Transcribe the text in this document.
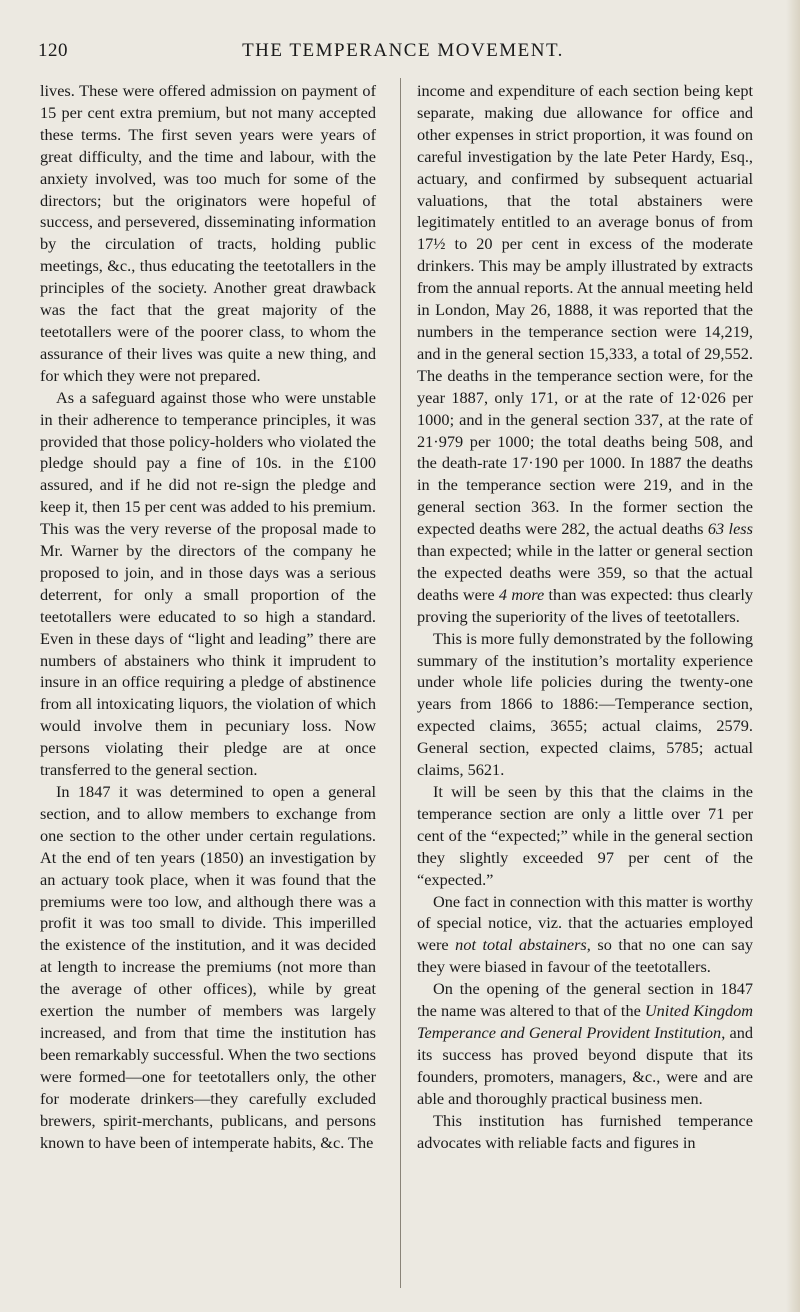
120	THE TEMPERANCE MOVEMENT.

lives. These were offered admission on payment of 15 per cent extra premium, but not many accepted these terms. The first seven years were years of great difficulty, and the time and labour, with the anxiety involved, was too much for some of the directors; but the originators were hopeful of success, and persevered, disseminating information by the circulation of tracts, holding public meetings, &c., thus educating the teetotallers in the principles of the society. Another great drawback was the fact that the great majority of the teetotallers were of the poorer class, to whom the assurance of their lives was quite a new thing, and for which they were not prepared.

As a safeguard against those who were unstable in their adherence to temperance principles, it was provided that those policy-holders who violated the pledge should pay a fine of 10s. in the £100 assured, and if he did not re-sign the pledge and keep it, then 15 per cent was added to his premium. This was the very reverse of the proposal made to Mr. Warner by the directors of the company he proposed to join, and in those days was a serious deterrent, for only a small proportion of the teetotallers were educated to so high a standard. Even in these days of “light and leading” there are numbers of abstainers who think it imprudent to insure in an office requiring a pledge of abstinence from all intoxicating liquors, the violation of which would involve them in pecuniary loss. Now persons violating their pledge are at once transferred to the general section.

In 1847 it was determined to open a general section, and to allow members to exchange from one section to the other under certain regulations. At the end of ten years (1850) an investigation by an actuary took place, when it was found that the premiums were too low, and although there was a profit it was too small to divide. This imperilled the existence of the institution, and it was decided at length to increase the premiums (not more than the average of other offices), while by great exertion the number of members was largely increased, and from that time the institution has been remarkably successful. When the two sections were formed—one for teetotallers only, the other for moderate drinkers—they carefully excluded brewers, spirit-merchants, publicans, and persons known to have been of intemperate habits, &c. The

income and expenditure of each section being kept separate, making due allowance for office and other expenses in strict proportion, it was found on careful investigation by the late Peter Hardy, Esq., actuary, and confirmed by subsequent actuarial valuations, that the total abstainers were legitimately entitled to an average bonus of from 17½ to 20 per cent in excess of the moderate drinkers. This may be amply illustrated by extracts from the annual reports. At the annual meeting held in London, May 26, 1888, it was reported that the numbers in the temperance section were 14,219, and in the general section 15,333, a total of 29,552. The deaths in the temperance section were, for the year 1887, only 171, or at the rate of 12·026 per 1000; and in the general section 337, at the rate of 21·979 per 1000; the total deaths being 508, and the death-rate 17·190 per 1000. In 1887 the deaths in the temperance section were 219, and in the general section 363. In the former section the expected deaths were 282, the actual deaths 63 less than expected; while in the latter or general section the expected deaths were 359, so that the actual deaths were 4 more than was expected: thus clearly proving the superiority of the lives of teetotallers.

This is more fully demonstrated by the following summary of the institution’s mortality experience under whole life policies during the twenty-one years from 1866 to 1886:—Temperance section, expected claims, 3655; actual claims, 2579. General section, expected claims, 5785; actual claims, 5621.

It will be seen by this that the claims in the temperance section are only a little over 71 per cent of the “expected;” while in the general section they slightly exceeded 97 per cent of the “expected.”

One fact in connection with this matter is worthy of special notice, viz. that the actuaries employed were not total abstainers, so that no one can say they were biased in favour of the teetotallers.

On the opening of the general section in 1847 the name was altered to that of the United Kingdom Temperance and General Provident Institution, and its success has proved beyond dispute that its founders, promoters, managers, &c., were and are able and thoroughly practical business men.

This institution has furnished temperance advocates with reliable facts and figures in
